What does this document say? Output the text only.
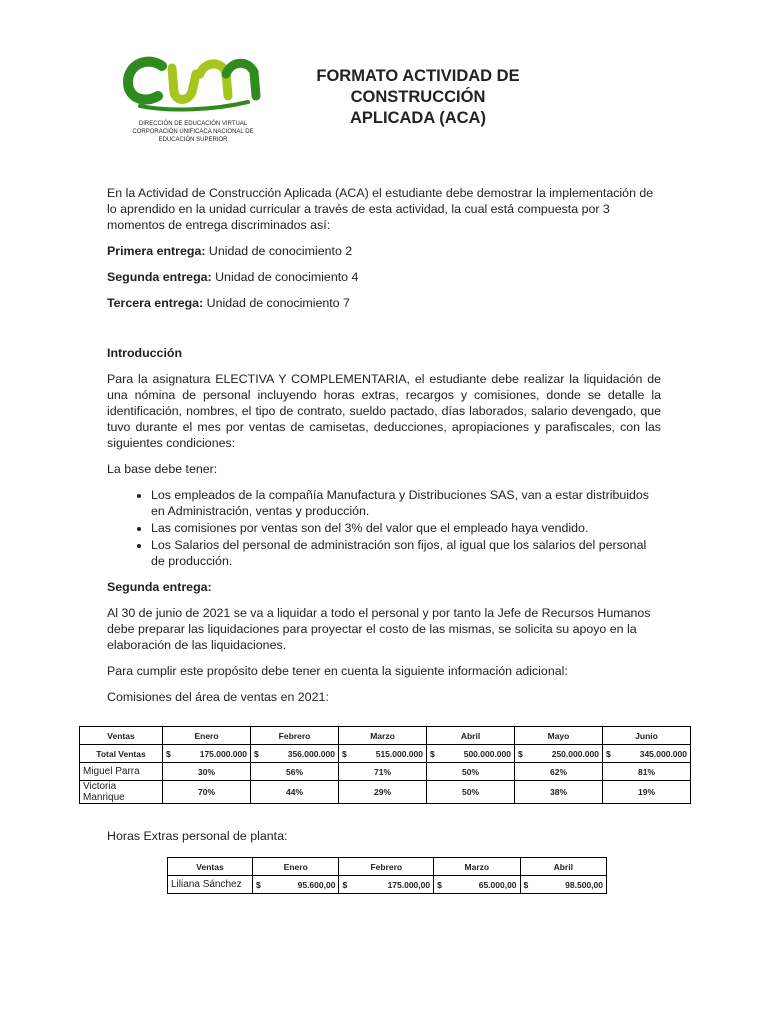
DIRECCIÓN DE EDUCACIÓN VIRTUAL
CORPORACIÓN UNIFICACA NACIONAL DE
EDUCACIÓN SUPERIOR
FORMATO ACTIVIDAD DE CONSTRUCCIÓN
APLICADA (ACA)

En la Actividad de Construcción Aplicada (ACA) el estudiante debe demostrar la implementación de lo aprendido en la unidad curricular a través de esta actividad, la cual está compuesta por 3 momentos de entrega discriminados así:

Primera entrega: Unidad de conocimiento 2

Segunda entrega: Unidad de conocimiento 4

Tercera entrega: Unidad de conocimiento 7

Introducción

Para la asignatura ELECTIVA Y COMPLEMENTARIA, el estudiante debe realizar la liquidación de una nómina de personal incluyendo horas extras, recargos y comisiones, donde se detalle la identificación, nombres, el tipo de contrato, sueldo pactado, días laborados, salario devengado, que tuvo durante el mes por ventas de camisetas, deducciones, apropiaciones y parafiscales, con las siguientes condiciones:

La base debe tener:

• Los empleados de la compañía Manufactura y Distribuciones SAS, van a estar distribuidos en Administración, ventas y producción.
• Las comisiones por ventas son del 3% del valor que el empleado haya vendido.
• Los Salarios del personal de administración son fijos, al igual que los salarios del personal de producción.

Segunda entrega:

Al 30 de junio de 2021 se va a liquidar a todo el personal y por tanto la Jefe de Recursos Humanos debe preparar las liquidaciones para proyectar el costo de las mismas, se solicita su apoyo en la elaboración de las liquidaciones.

Para cumplir este propósito debe tener en cuenta la siguiente información adicional:

Comisiones del área de ventas en 2021:

Ventas	Enero	Febrero	Marzo	Abril	Mayo	Junio
Total Ventas	$ 175.000.000	$ 356.000.000	$ 515.000.000	$ 500.000.000	$ 250.000.000	$ 345.000.000

Miguel Parra	30%	56%	71%	50%	62%	81%
Victoria Manrique	70%	44%	29%	50%	38%	19%
Horas Extras personal de planta:
Ventas	Enero	Febrero	Marzo	Abril
Liliana Sánchez	$ 95.600,00	$ 175.000,00	$ 65.000,00	$ 98.500,00
